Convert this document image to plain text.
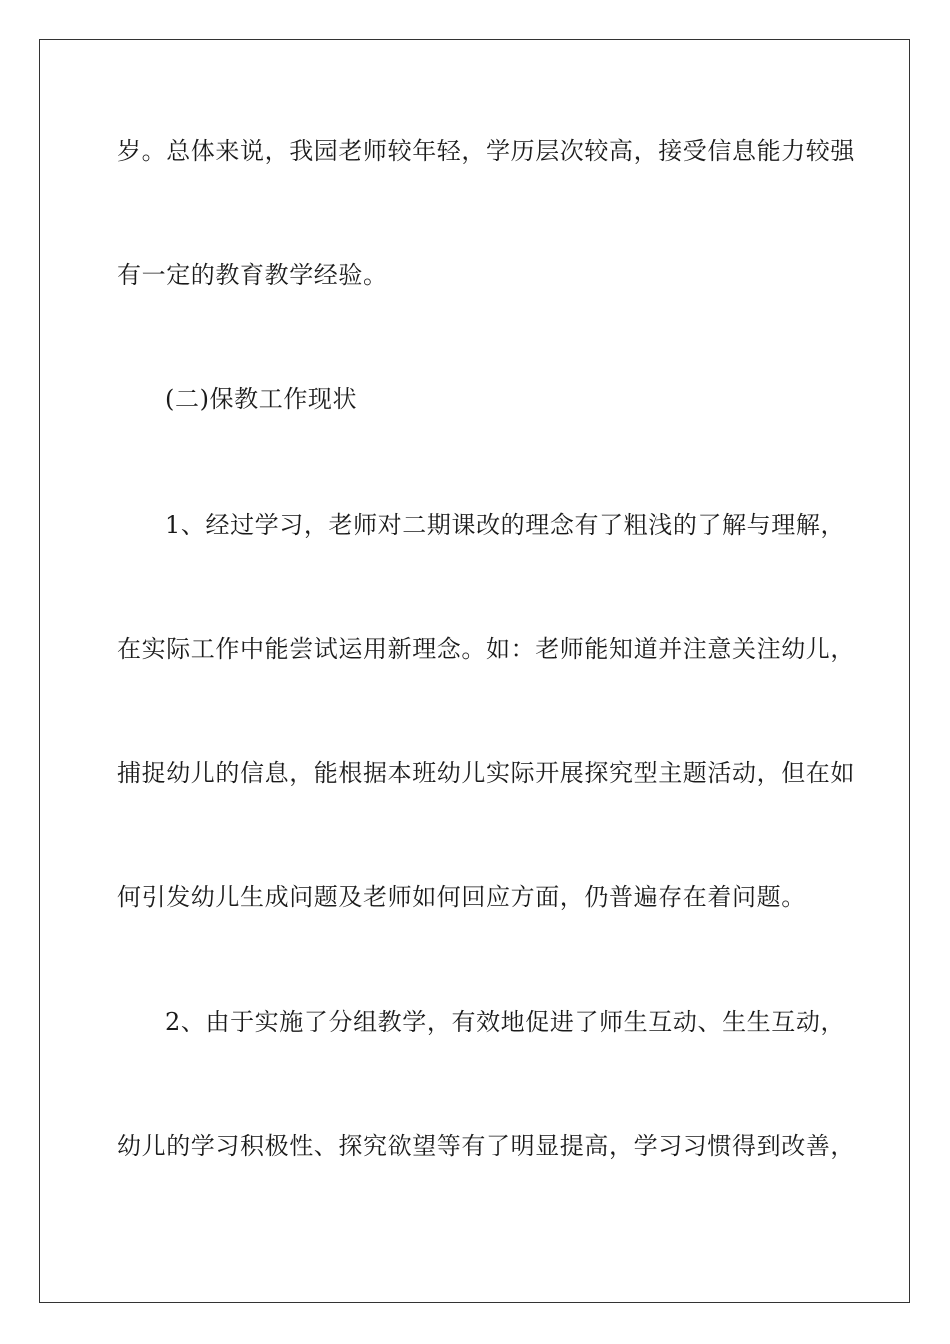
岁。总体来说，我园老师较年轻，学历层次较高，接受信息能力较强
有一定的教育教学经验。
(二)保教工作现状
1、经过学习，老师对二期课改的理念有了粗浅的了解与理解，
在实际工作中能尝试运用新理念。如：老师能知道并注意关注幼儿，
捕捉幼儿的信息，能根据本班幼儿实际开展探究型主题活动，但在如
何引发幼儿生成问题及老师如何回应方面，仍普遍存在着问题。
2、由于实施了分组教学，有效地促进了师生互动、生生互动，
幼儿的学习积极性、探究欲望等有了明显提高，学习习惯得到改善，
